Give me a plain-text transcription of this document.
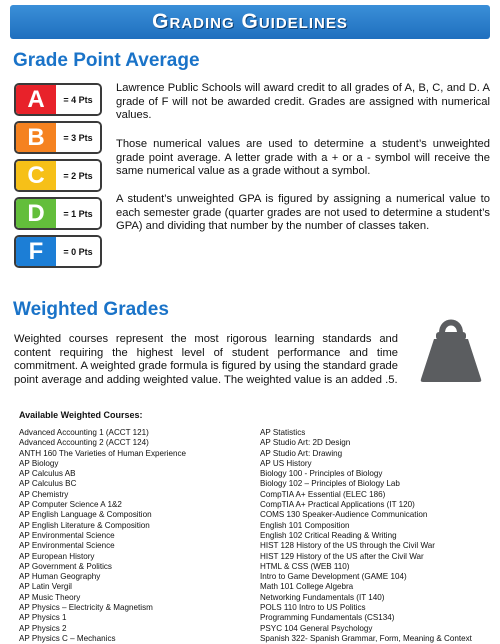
Grading Guidelines
Grade Point Average
A	= 4 Pts
B	= 3 Pts
C	= 2 Pts
D	= 1 Pts
F	= 0 Pts

Lawrence Public Schools will award credit to all grades of A, B, C, and D. A grade of F will not be awarded credit. Grades are assigned with numerical values.

Those numerical values are used to determine a student’s unweighted grade point average. A letter grade with a + or a - symbol will receive the same numerical value as a grade without a symbol.

A student’s unweighted GPA is figured by assigning a numerical value to each semester grade (quarter grades are not used to determine a student’s GPA) and dividing that number by the number of classes taken.

Weighted Grades

Weighted courses represent the most rigorous learning standards and content requiring the highest level of student performance and time commitment. A weighted grade formula is figured by using the standard grade point average and adding weighted value. The weighted value is an added .5.

Available Weighted Courses:
Advanced Accounting 1 (ACCT 121)
Advanced Accounting 2 (ACCT 124)
ANTH 160 The Varieties of Human Experience
AP Biology
AP Calculus AB
AP Calculus BC
AP Chemistry
AP Computer Science A 1&2
AP English Language & Composition
AP English Literature & Composition
AP Environmental Science
AP Environmental Science
AP European History
AP Government & Politics
AP Human Geography
AP Latin Vergil
AP Music Theory
AP Physics – Electricity & Magnetism
AP Physics 1
AP Physics 2
AP Physics C – Mechanics
AP Statistics
AP Studio Art: 2D Design
AP Studio Art: Drawing
AP US History
Biology 100 - Principles of Biology
Biology 102 – Principles of Biology Lab
CompTIA A+ Essential (ELEC 186)
CompTIA A+ Practical Applications (IT 120)
COMS 130 Speaker-Audience Communication
English 101 Composition
English 102 Critical Reading & Writing
HIST 128 History of the US through the Civil War
HIST 129 History of the US after the Civil War
HTML & CSS (WEB 110)
Intro to Game Development (GAME 104)
Math 101 College Algebra
Networking Fundamentals (IT 140)
POLS 110 Intro to US Politics
Programming Fundamentals (CS134)
PSYC 104 General Psychology
Spanish 322- Spanish Grammar, Form, Meaning & Context
